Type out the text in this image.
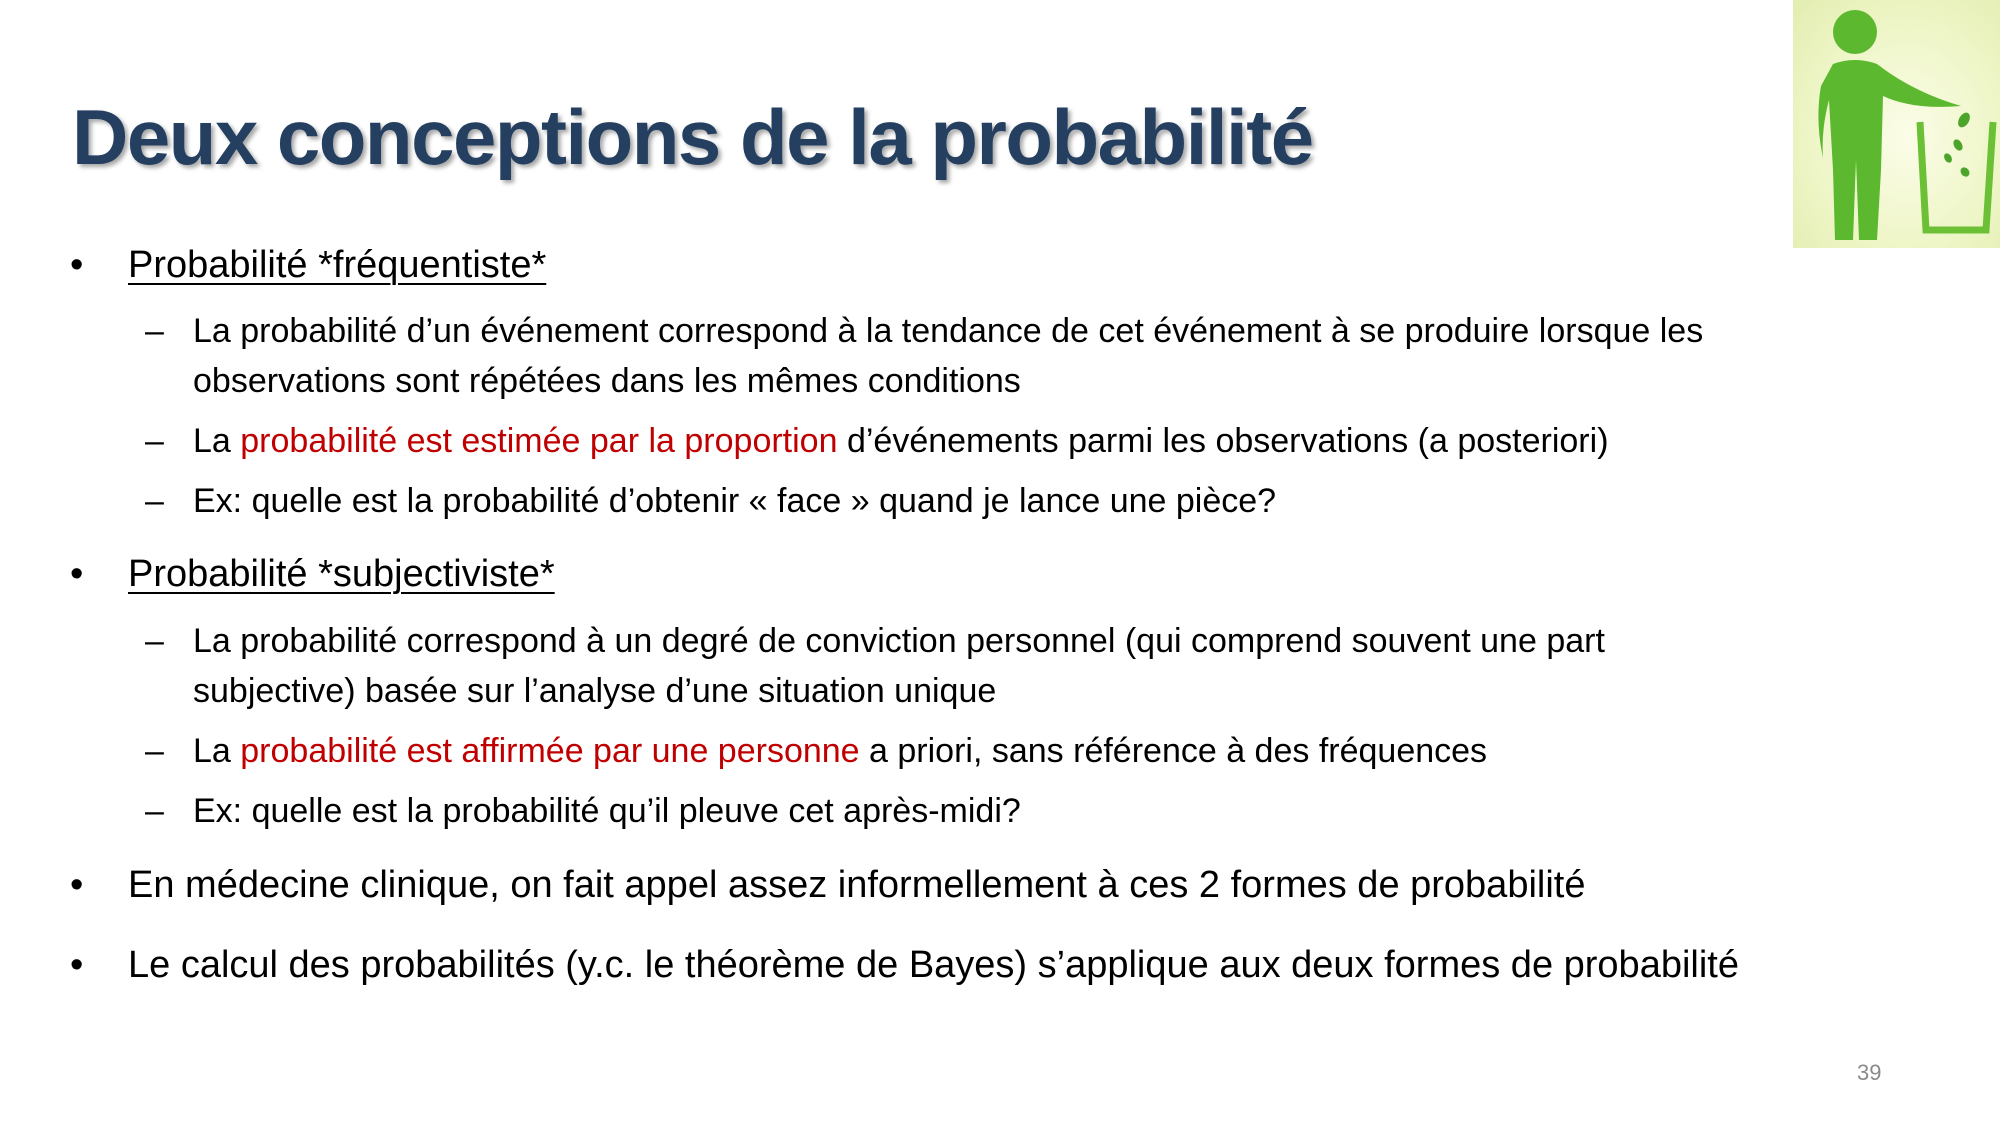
Deux conceptions de la probabilité
•	Probabilité *fréquentiste*
– La probabilité d’un événement correspond à la tendance de cet événement à se produire lorsque les
observations sont répétées dans les mêmes conditions
– La probabilité est estimée par la proportion d’événements parmi les observations (a posteriori)
– Ex: quelle est la probabilité d’obtenir « face » quand je lance une pièce?
•	Probabilité *subjectiviste*
– La probabilité correspond à un degré de conviction personnel (qui comprend souvent une part
subjective) basée sur l’analyse d’une situation unique
– La probabilité est affirmée par une personne a priori, sans référence à des fréquences
– Ex: quelle est la probabilité qu’il pleuve cet après-midi?
•	En médecine clinique, on fait appel assez informellement à ces 2 formes de probabilité
•	Le calcul des probabilités (y.c. le théorème de Bayes) s’applique aux deux formes de probabilité
39
